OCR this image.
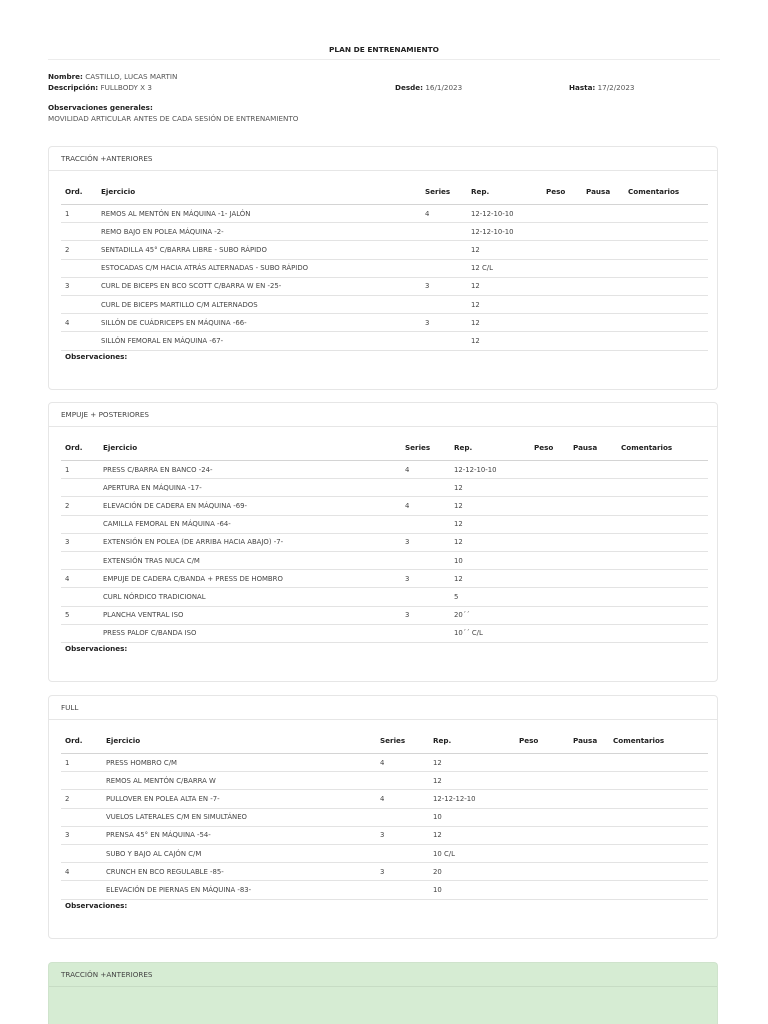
PLAN DE ENTRENAMIENTO
Nombre: CASTILLO, LUCAS MARTIN
Descripción: FULLBODY X 3	Desde: 16/1/2023	Hasta: 17/2/2023
Observaciones generales:
MOVILIDAD ARTICULAR ANTES DE CADA SESIÓN DE ENTRENAMIENTO
TRACCIÓN +ANTERIORES
Ord.	Ejercicio	Series	Rep.	Peso	Pausa	Comentarios
1	REMOS AL MENTÓN EN MÁQUINA -1- JALÓN	4	12-12-10-10			
	REMO BAJO EN POLEA MÁQUINA -2-		12-12-10-10			
2	SENTADILLA 45° C/BARRA LIBRE - SUBO RÁPIDO		12			
	ESTOCADAS C/M HACIA ATRÁS ALTERNADAS - SUBO RÁPIDO		12 C/L			
3	CURL DE BICEPS EN BCO SCOTT C/BARRA W EN -25-	3	12			
	CURL DE BICEPS MARTILLO C/M ALTERNADOS		12			
4	SILLÓN DE CUÁDRICEPS EN MÁQUINA -66-	3	12			
	SILLÓN FEMORAL EN MÁQUINA -67-		12			
Observaciones:
EMPUJE + POSTERIORES
Ord.	Ejercicio	Series	Rep.	Peso	Pausa	Comentarios
1	PRESS C/BARRA EN BANCO -24-	4	12-12-10-10			
	APERTURA EN MÁQUINA -17-		12			
2	ELEVACIÓN DE CADERA EN MÁQUINA -69-	4	12			
	CAMILLA FEMORAL EN MÁQUINA -64-		12			
3	EXTENSIÓN EN POLEA (DE ARRIBA HACIA ABAJO) -7-	3	12			
	EXTENSIÓN TRAS NUCA C/M		10			
4	EMPUJE DE CADERA C/BANDA + PRESS DE HOMBRO	3	12			
	CURL NÓRDICO TRADICIONAL		5			
5	PLANCHA VENTRAL ISO	3	20´´			
	PRESS PALOF C/BANDA ISO		10´´ C/L			
Observaciones:
FULL
Ord.	Ejercicio	Series	Rep.	Peso	Pausa	Comentarios
1	PRESS HOMBRO C/M	4	12			
	REMOS AL MENTÓN C/BARRA W		12			
2	PULLOVER EN POLEA ALTA EN -7-	4	12-12-12-10			
	VUELOS LATERALES C/M EN SIMULTÁNEO		10			
3	PRENSA 45° EN MÁQUINA -54-	3	12			
	SUBO Y BAJO AL CAJÓN C/M		10 C/L			
4	CRUNCH EN BCO REGULABLE -85-	3	20			
	ELEVACIÓN DE PIERNAS EN MÁQUINA -83-		10			
Observaciones:
TRACCIÓN +ANTERIORES
